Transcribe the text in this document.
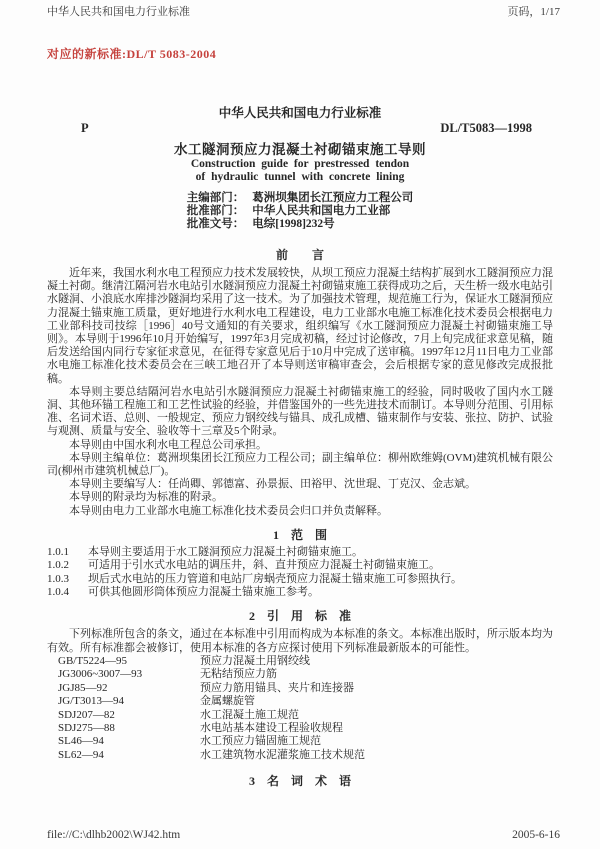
中华人民共和国电力行业标准	页码，1/17
对应的新标准:DL/T 5083-2004
中华人民共和国电力行业标准
P	DL/T5083—1998
水工隧洞预应力混凝土衬砌锚束施工导则
Construction guide for prestressed tendon
of hydraulic tunnel with concrete lining
主编部门： 葛洲坝集团长江预应力工程公司
批准部门： 中华人民共和国电力工业部
批准文号： 电综[1998]232号
前　　言

近年来，我国水利水电工程预应力技术发展较快，从坝工预应力混凝土结构扩展到水工隧洞预应力混凝土衬砌。继清江隔河岩水电站引水隧洞预应力混凝土衬砌锚束施工获得成功之后，天生桥一级水电站引水隧洞、小浪底水库排沙隧洞均采用了这一技术。为了加强技术管理，规范施工行为，保证水工隧洞预应力混凝土锚束施工质量，更好地进行水利水电工程建设，电力工业部水电施工标准化技术委员会根据电力工业部科技司技综［1996］40号文通知的有关要求，组织编写《水工隧洞预应力混凝土衬砌锚束施工导则》。本导则于1996年10月开始编写，1997年3月完成初稿，经过讨论修改，7月上旬完成征求意见稿，随后发送给国内同行专家征求意见，在征得专家意见后于10月中完成了送审稿。1997年12月11日电力工业部水电施工标准化技术委员会在三峡工地召开了本导则送审稿审查会，会后根据专家的意见修改完成报批稿。

本导则主要总结隔河岩水电站引水隧洞预应力混凝土衬砌锚束施工的经验，同时吸收了国内水工隧洞、其他环锚工程施工和工艺性试验的经验，并借鉴国外的一些先进技术而制订。本导则分范围、引用标准、名词术语、总则、一般规定、预应力钢绞线与锚具、成孔成槽、锚束制作与安装、张拉、防护、试验与观测、质量与安全、验收等十三章及5个附录。

本导则由中国水利水电工程总公司承担。

本导则主编单位：葛洲坝集团长江预应力工程公司；副主编单位：柳州欧维姆(OVM)建筑机械有限公司(柳州市建筑机械总厂)。

本导则主要编写人：任尚卿、郭德富、孙景振、田裕甲、沈世琨、丁克汉、金志斌。

本导则的附录均为标准的附录。

本导则由电力工业部水电施工标准化技术委员会归口并负责解释。

1　范　围
1.0.1	本导则主要适用于水工隧洞预应力混凝土衬砌锚束施工。
1.0.2	可适用于引水式水电站的调压井，斜、直井预应力混凝土衬砌锚束施工。
1.0.3	坝后式水电站的压力管道和电站厂房蜗壳预应力混凝土锚束施工可参照执行。
1.0.4	可供其他圆形筒体预应力混凝土锚束施工参考。
2　引　用　标　准

下列标准所包含的条文，通过在本标准中引用而构成为本标准的条文。本标准出版时，所示版本均为有效。所有标准都会被修订，使用本标准的各方应探讨使用下列标准最新版本的可能性。

GB/T5224—95	预应力混凝土用钢绞线
JG3006~3007—93	无粘结预应力筋
JGJ85—92	预应力筋用锚具、夹片和连接器
JG/T3013—94	金属螺旋管
SDJ207—82	水工混凝土施工规范
SDJ275—88	水电站基本建设工程验收规程
SL46—94	水工预应力锚固施工规范
SL62—94	水工建筑物水泥灌浆施工技术规范
3　名　词　术　语
file://C:\dlhb2002\WJ42.htm	2005-6-16
